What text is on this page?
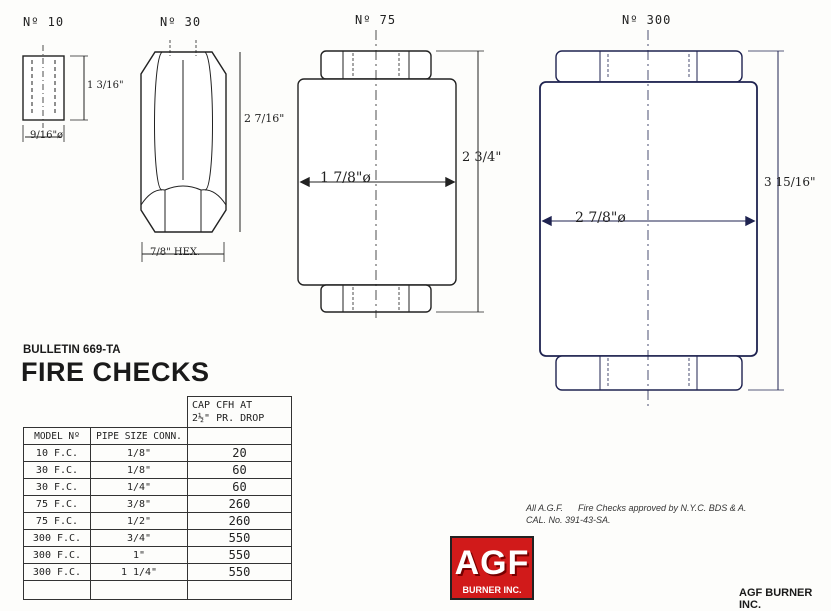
Nº 10	Nº 30	Nº 75	Nº 300
1 3/16"
9/16"ø
2 7/16"
7/8" HEX.
1 7/8"ø
2 3/4"
2 7/8"ø
3 15/16"
BULLETIN 669-TA
FIRE CHECKS

		CAP CFH AT
2½" PR. DROP

MODEL Nº	PIPE SIZE CONN.	
10 F.C.	1/8"	20
30 F.C.	1/8"	60
30 F.C.	1/4"	60
75 F.C.	3/8"	260
75 F.C.	1/2"	260
300 F.C.	3/4"	550
300 F.C.	1"	550
300 F.C.	1 1/4"	550

All A.G.F.      Fire Checks approved by N.Y.C. BDS & A.
CAL. No. 391-43-SA.
AGF
BURNER INC.	AGF BURNER INC.
